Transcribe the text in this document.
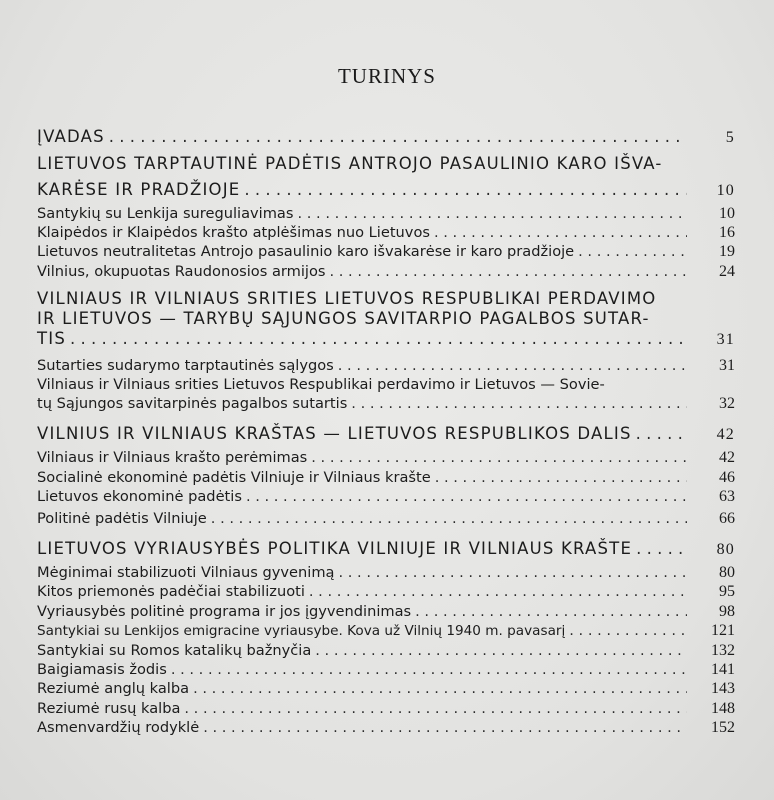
TURINYS
ĮVADAS . . .	5
LIETUVOS TARPTAUTINĖ PADĖTIS ANTROJO PASAULINIO KARO IŠVA-
KARĖSE IR PRADŽIOJE . . .	10
Santykių su Lenkija sureguliavimas . . .	10
Klaipėdos ir Klaipėdos krašto atplėšimas nuo Lietuvos . . .	16
Lietuvos neutralitetas Antrojo pasaulinio karo išvakarėse ir karo pradžioje . . .	19
Vilnius, okupuotas Raudonosios armijos . . .	24
VILNIAUS IR VILNIAUS SRITIES LIETUVOS RESPUBLIKAI PERDAVIMO
IR LIETUVOS — TARYBŲ SĄJUNGOS SAVITARPIO PAGALBOS SUTAR-
TIS . . .	31
Sutarties sudarymo tarptautinės sąlygos . . .	31
Vilniaus ir Vilniaus srities Lietuvos Respublikai perdavimo ir Lietuvos — Sovie-
tų Sąjungos savitarpinės pagalbos sutartis . . .	32
VILNIUS IR VILNIAUS KRAŠTAS — LIETUVOS RESPUBLIKOS DALIS . . .	42
Vilniaus ir Vilniaus krašto perėmimas . . .	42
Socialinė ekonominė padėtis Vilniuje ir Vilniaus krašte . . .	46
Lietuvos ekonominė padėtis . . .	63
Politinė padėtis Vilniuje . . .	66
LIETUVOS VYRIAUSYBĖS POLITIKA VILNIUJE IR VILNIAUS KRAŠTE . . .	80
Mėginimai stabilizuoti Vilniaus gyvenimą . . .	80
Kitos priemonės padėčiai stabilizuoti . . .	95
Vyriausybės politinė programa ir jos įgyvendinimas . . .	98
Santykiai su Lenkijos emigracine vyriausybe. Kova už Vilnių 1940 m. pavasarį . . .	121
Santykiai su Romos katalikų bažnyčia . . .	132
Baigiamasis žodis . . .	141
Reziumė anglų kalba . . .	143
Reziumė rusų kalba . . .	148
Asmenvardžių rodyklė . . .	152
